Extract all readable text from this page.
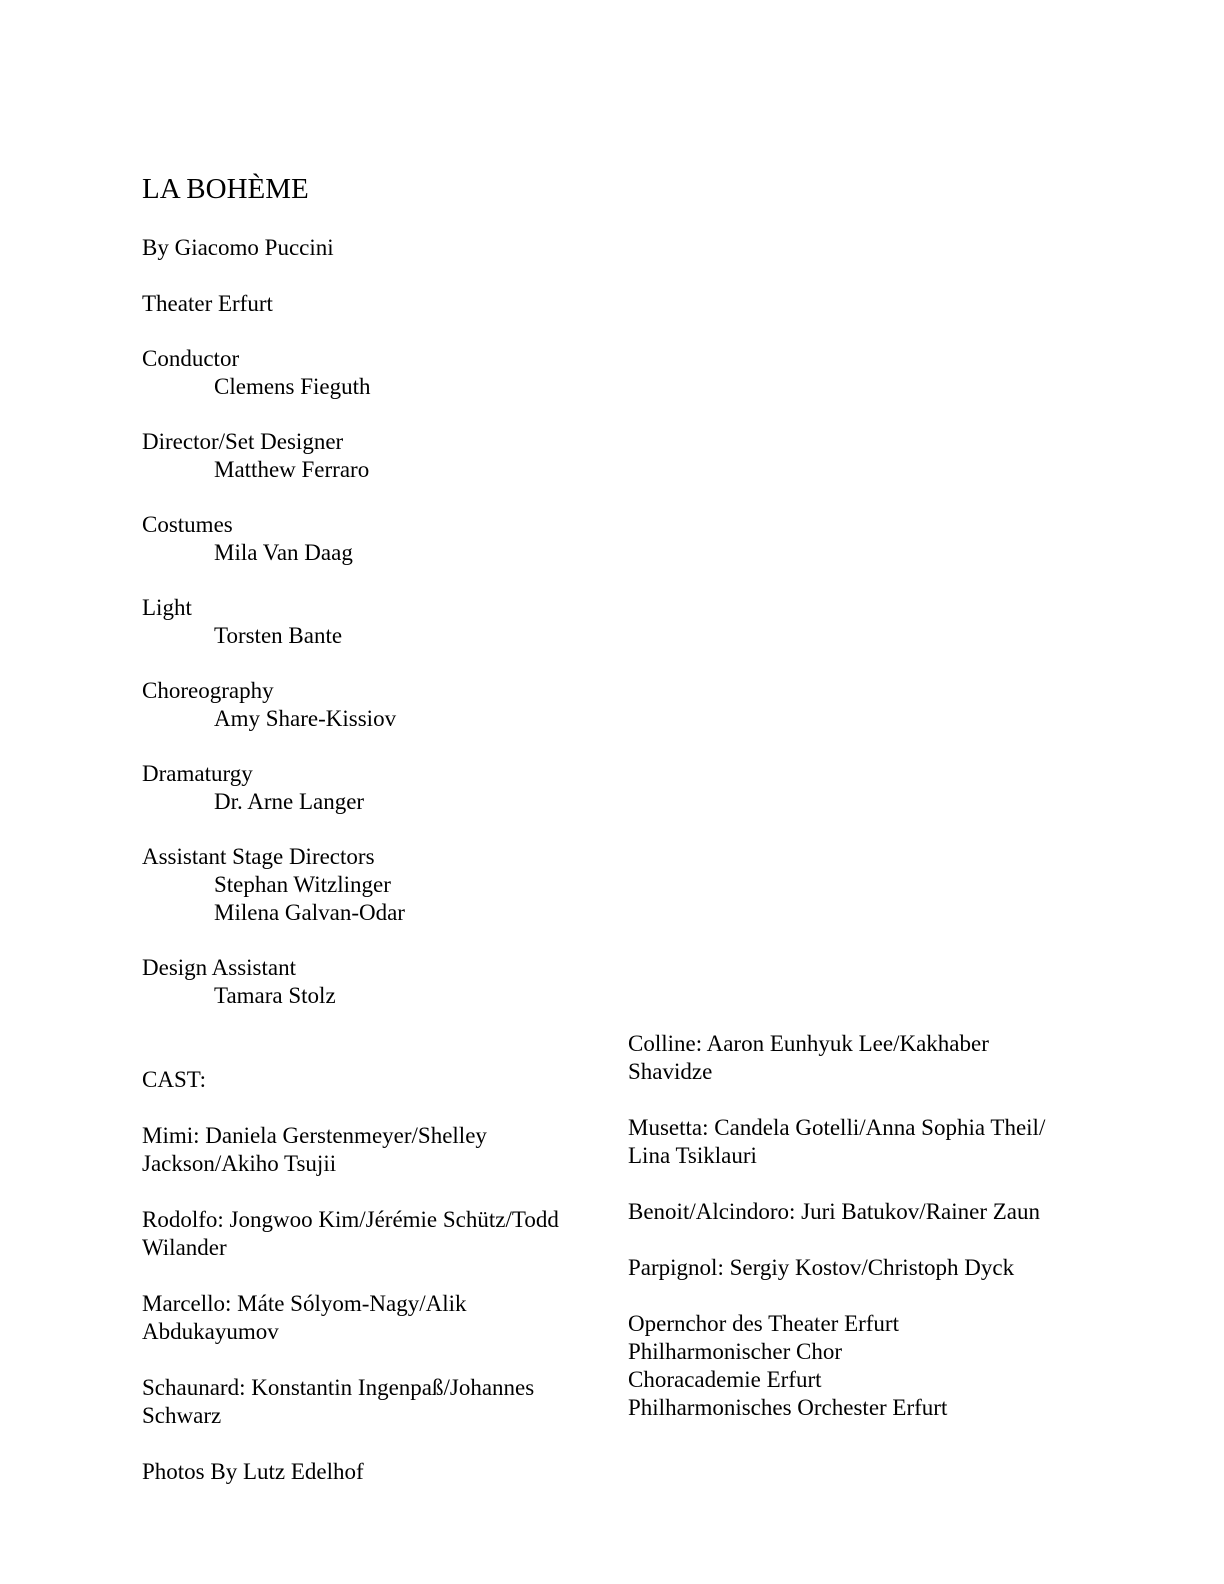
LA BOHÈME
By Giacomo Puccini
Theater Erfurt
Conductor
Clemens Fieguth
Director/Set Designer
Matthew Ferraro
Costumes
Mila Van Daag
Light
Torsten Bante
Choreography
Amy Share-Kissiov
Dramaturgy
Dr. Arne Langer
Assistant Stage Directors
Stephan Witzlinger
Milena Galvan-Odar
Design Assistant
Tamara Stolz
CAST:
Mimi: Daniela Gerstenmeyer/Shelley
Jackson/Akiho Tsujii
Rodolfo: Jongwoo Kim/Jérémie Schütz/Todd
Wilander
Marcello: Máte Sólyom-Nagy/Alik
Abdukayumov
Schaunard: Konstantin Ingenpaß/Johannes
Schwarz
Photos By Lutz Edelhof
Colline: Aaron Eunhyuk Lee/Kakhaber
Shavidze
Musetta: Candela Gotelli/Anna Sophia Theil/
Lina Tsiklauri
Benoit/Alcindoro: Juri Batukov/Rainer Zaun
Parpignol: Sergiy Kostov/Christoph Dyck
Opernchor des Theater Erfurt
Philharmonischer Chor
Choracademie Erfurt
Philharmonisches Orchester Erfurt
